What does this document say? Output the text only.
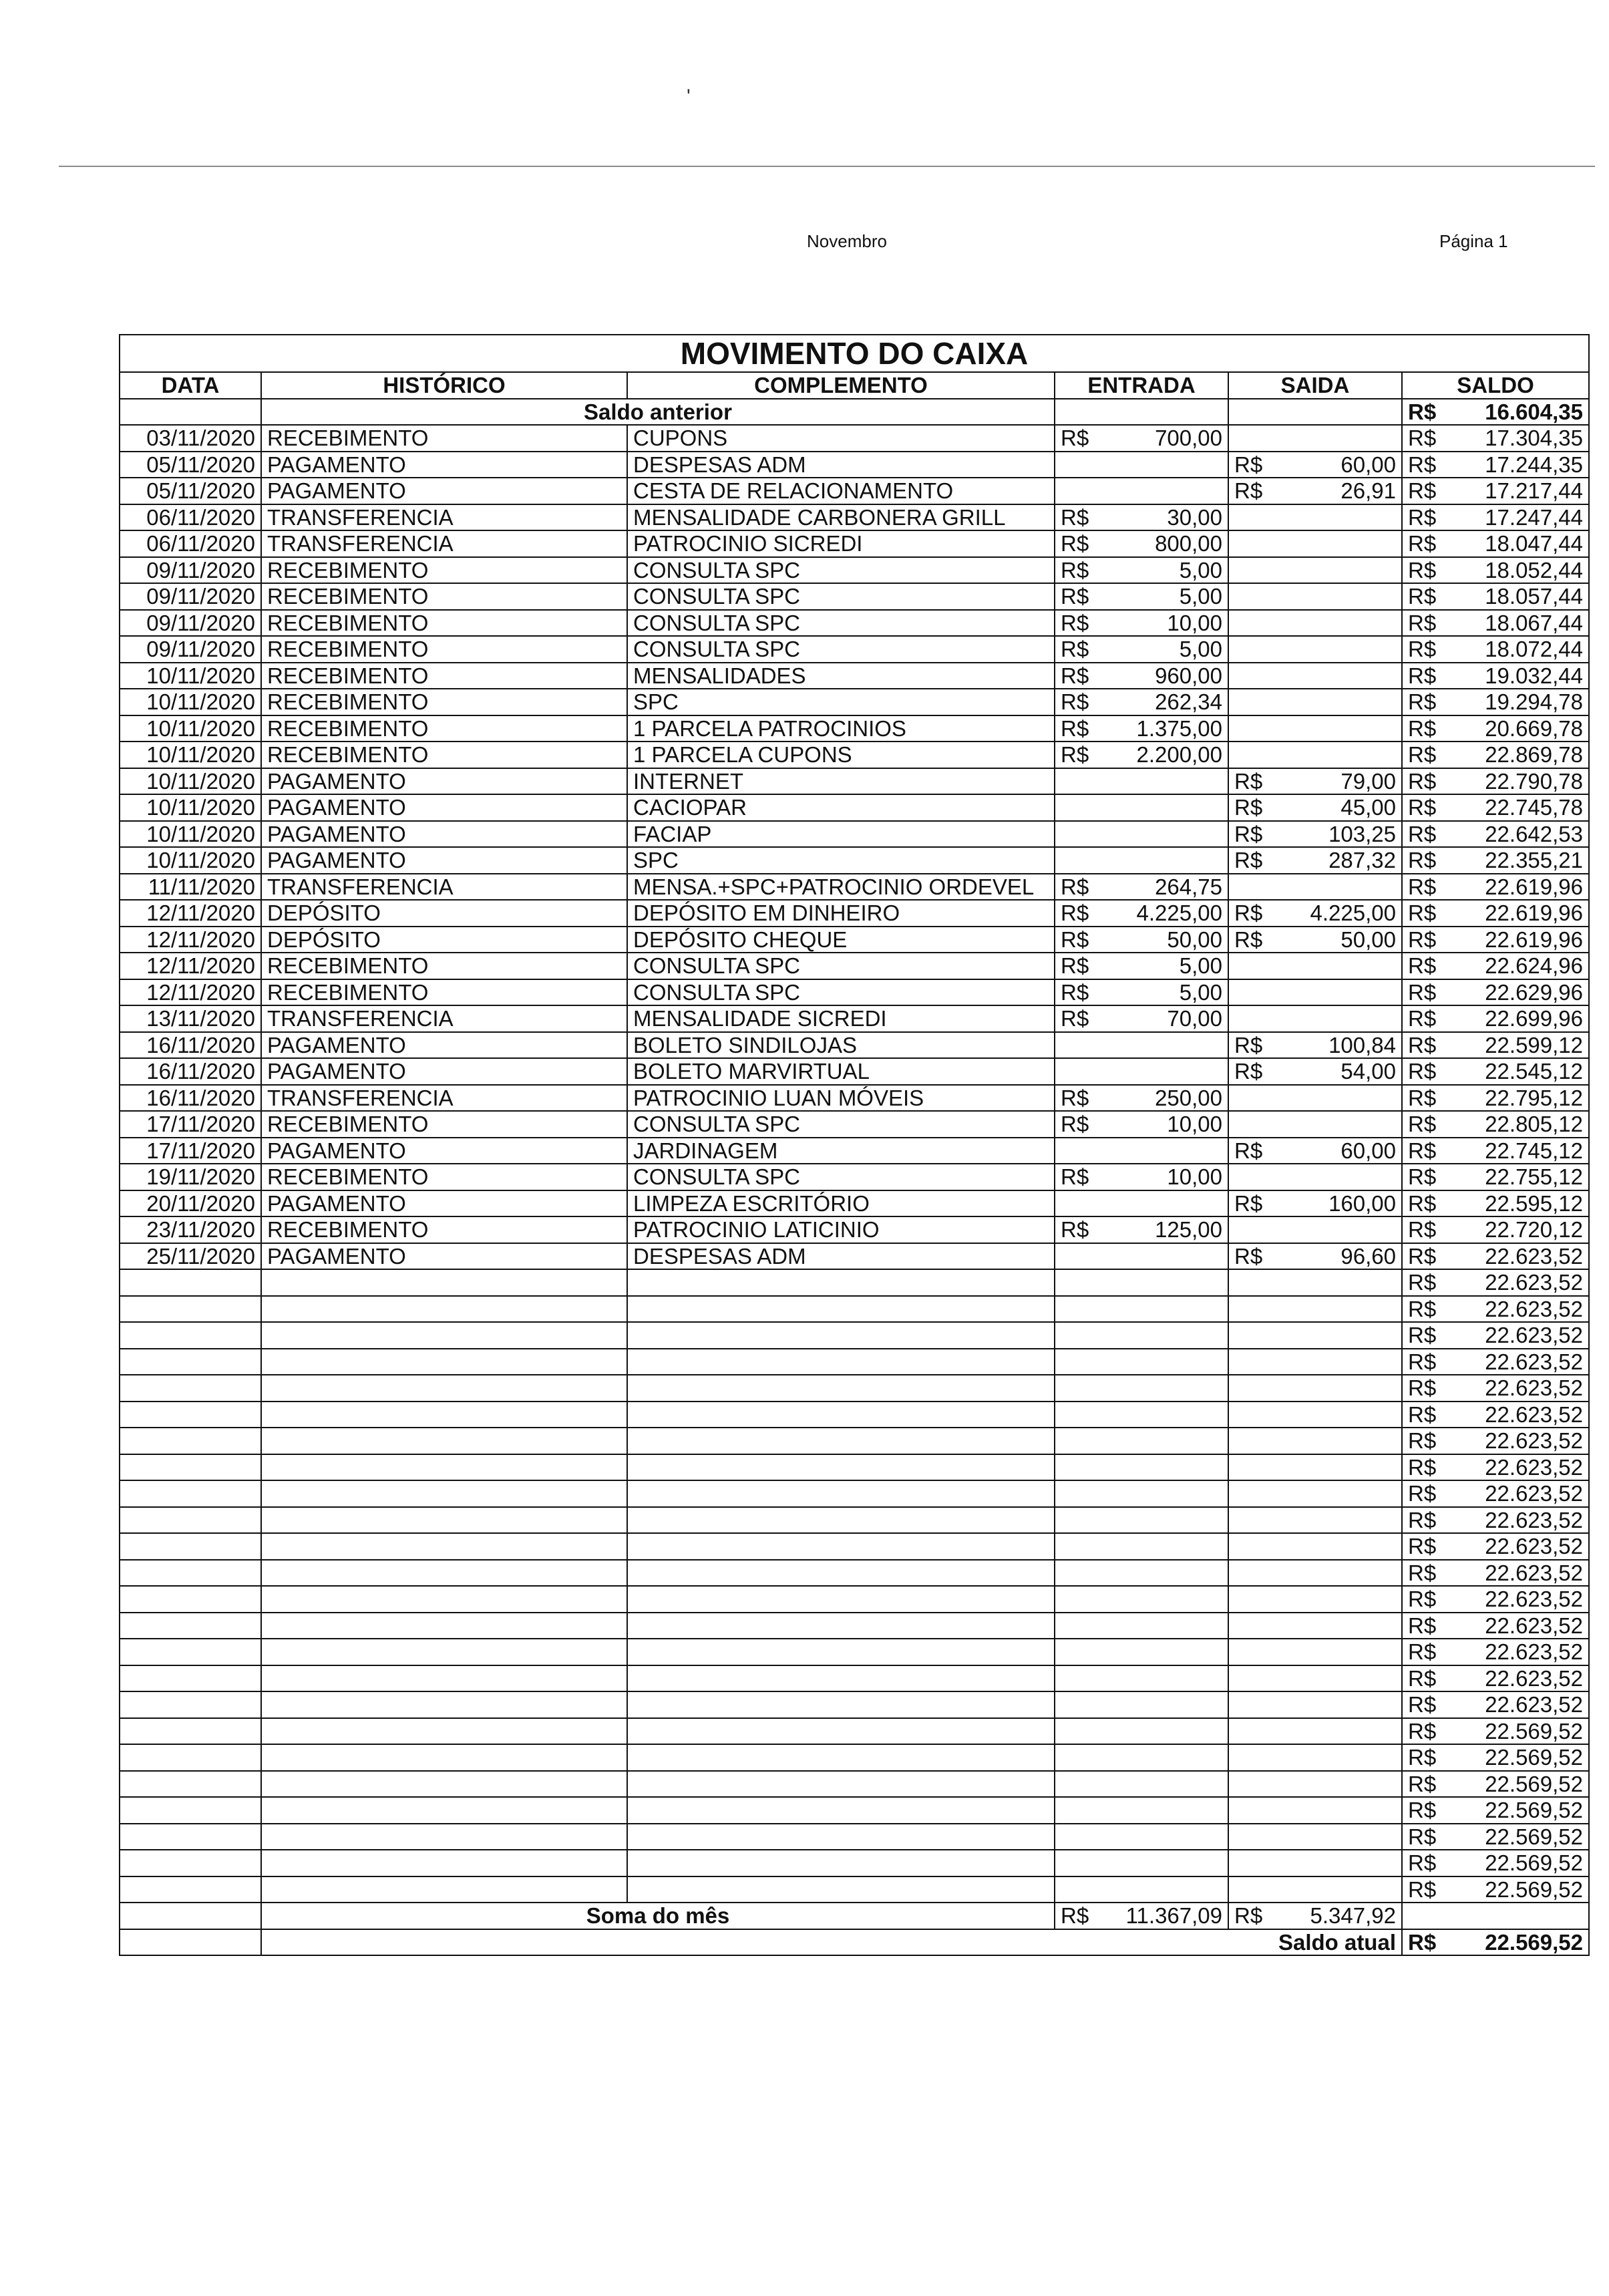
'
Novembro	Página 1
MOVIMENTO DO CAIXA					
DATA	HISTÓRICO	COMPLEMENTO	ENTRADA	SAIDA	SALDO
	Saldo anterior				R$ 16.604,35

03/11/2020	RECEBIMENTO	CUPONS	R$ 700,00		R$ 17.304,35

05/11/2020	PAGAMENTO	DESPESAS ADM		R$ 60,00	R$ 17.244,35

05/11/2020	PAGAMENTO	CESTA DE RELACIONAMENTO		R$ 26,91	R$ 17.217,44

06/11/2020	TRANSFERENCIA	MENSALIDADE CARBONERA GRILL	R$ 30,00		R$ 17.247,44

06/11/2020	TRANSFERENCIA	PATROCINIO SICREDI	R$ 800,00		R$ 18.047,44

09/11/2020	RECEBIMENTO	CONSULTA SPC	R$ 5,00		R$ 18.052,44

09/11/2020	RECEBIMENTO	CONSULTA SPC	R$ 5,00		R$ 18.057,44

09/11/2020	RECEBIMENTO	CONSULTA SPC	R$ 10,00		R$ 18.067,44

09/11/2020	RECEBIMENTO	CONSULTA SPC	R$ 5,00		R$ 18.072,44

10/11/2020	RECEBIMENTO	MENSALIDADES	R$ 960,00		R$ 19.032,44

10/11/2020	RECEBIMENTO	SPC	R$ 262,34		R$ 19.294,78

10/11/2020	RECEBIMENTO	1 PARCELA PATROCINIOS	R$ 1.375,00		R$ 20.669,78

10/11/2020	RECEBIMENTO	1 PARCELA CUPONS	R$ 2.200,00		R$ 22.869,78

10/11/2020	PAGAMENTO	INTERNET		R$ 79,00	R$ 22.790,78

10/11/2020	PAGAMENTO	CACIOPAR		R$ 45,00	R$ 22.745,78

10/11/2020	PAGAMENTO	FACIAP		R$ 103,25	R$ 22.642,53

10/11/2020	PAGAMENTO	SPC		R$ 287,32	R$ 22.355,21

11/11/2020	TRANSFERENCIA	MENSA.+SPC+PATROCINIO ORDEVEL	R$ 264,75		R$ 22.619,96

12/11/2020	DEPÓSITO	DEPÓSITO EM DINHEIRO	R$ 4.225,00	R$ 4.225,00	R$ 22.619,96

12/11/2020	DEPÓSITO	DEPÓSITO CHEQUE	R$ 50,00	R$ 50,00	R$ 22.619,96

12/11/2020	RECEBIMENTO	CONSULTA SPC	R$ 5,00		R$ 22.624,96

12/11/2020	RECEBIMENTO	CONSULTA SPC	R$ 5,00		R$ 22.629,96

13/11/2020	TRANSFERENCIA	MENSALIDADE SICREDI	R$ 70,00		R$ 22.699,96

16/11/2020	PAGAMENTO	BOLETO SINDILOJAS		R$ 100,84	R$ 22.599,12

16/11/2020	PAGAMENTO	BOLETO MARVIRTUAL		R$ 54,00	R$ 22.545,12

16/11/2020	TRANSFERENCIA	PATROCINIO LUAN MÓVEIS	R$ 250,00		R$ 22.795,12

17/11/2020	RECEBIMENTO	CONSULTA SPC	R$ 10,00		R$ 22.805,12

17/11/2020	PAGAMENTO	JARDINAGEM		R$ 60,00	R$ 22.745,12

19/11/2020	RECEBIMENTO	CONSULTA SPC	R$ 10,00		R$ 22.755,12

20/11/2020	PAGAMENTO	LIMPEZA ESCRITÓRIO		R$ 160,00	R$ 22.595,12

23/11/2020	RECEBIMENTO	PATROCINIO LATICINIO	R$ 125,00		R$ 22.720,12

25/11/2020	PAGAMENTO	DESPESAS ADM		R$ 96,60	R$ 22.623,52

					R$ 22.623,52

					R$ 22.623,52

					R$ 22.623,52

					R$ 22.623,52

					R$ 22.623,52

					R$ 22.623,52

					R$ 22.623,52

					R$ 22.623,52

					R$ 22.623,52

					R$ 22.623,52

					R$ 22.623,52

					R$ 22.623,52

					R$ 22.623,52

					R$ 22.623,52

					R$ 22.623,52

					R$ 22.623,52

					R$ 22.623,52

					R$ 22.569,52

					R$ 22.569,52

					R$ 22.569,52

					R$ 22.569,52

					R$ 22.569,52

					R$ 22.569,52

					R$ 22.569,52

	Soma do mês		R$ 11.367,09	R$ 5.347,92	

	Saldo atual				R$ 22.569,52
